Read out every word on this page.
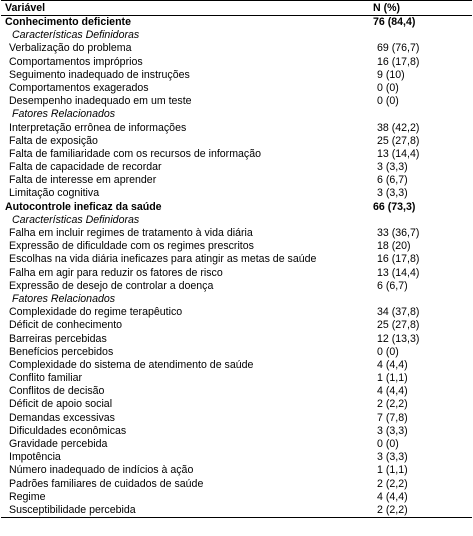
Variável	N (%)
Conhecimento deficiente	76 (84,4)
Características Definidoras
Verbalização do problema	69 (76,7)
Comportamentos impróprios	16 (17,8)
Seguimento inadequado de instruções	9 (10)
Comportamentos exagerados	0 (0)
Desempenho inadequado em um teste	0 (0)
Fatores Relacionados
Interpretação errônea de informações	38 (42,2)
Falta de exposição	25 (27,8)
Falta de familiaridade com os recursos de informação	13 (14,4)
Falta de capacidade de recordar	3 (3,3)
Falta de interesse em aprender	6 (6,7)
Limitação cognitiva	3 (3,3)
Autocontrole ineficaz da saúde	66 (73,3)
Características Definidoras
Falha em incluir regimes de tratamento à vida diária	33 (36,7)
Expressão de dificuldade com os regimes prescritos	18 (20)
Escolhas na vida diária ineficazes para atingir as metas de saúde	16 (17,8)
Falha em agir para reduzir os fatores de risco	13 (14,4)
Expressão de desejo de controlar a doença	6 (6,7)
Fatores Relacionados
Complexidade do regime terapêutico	34 (37,8)
Déficit de conhecimento	25 (27,8)
Barreiras percebidas	12 (13,3)
Benefícios percebidos	0 (0)
Complexidade do sistema de atendimento de saúde	4 (4,4)
Conflito familiar	1 (1,1)
Conflitos de decisão	4 (4,4)
Déficit de apoio social	2 (2,2)
Demandas excessivas	7 (7,8)
Dificuldades econômicas	3 (3,3)
Gravidade percebida	0 (0)
Impotência	3 (3,3)
Número inadequado de indícios à ação	1 (1,1)
Padrões familiares de cuidados de saúde	2 (2,2)
Regime	4 (4,4)
Susceptibilidade percebida	2 (2,2)
